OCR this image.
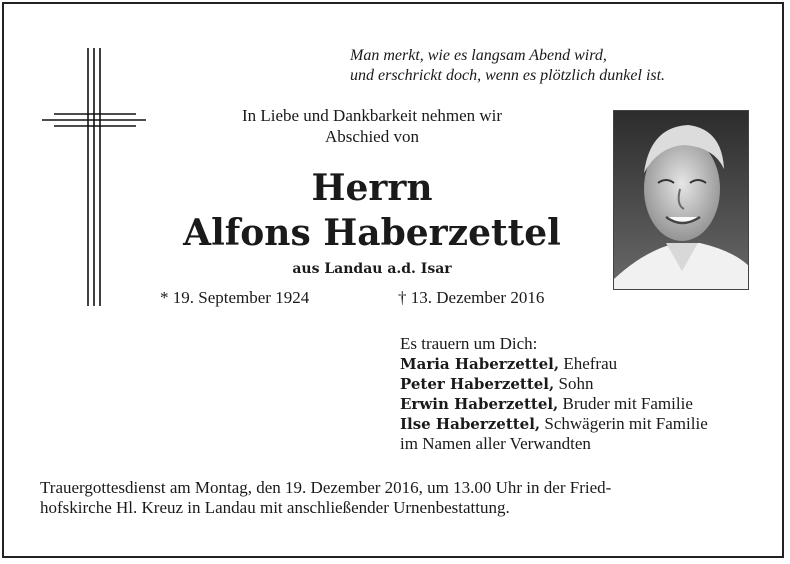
Man merkt, wie es langsam Abend wird,
und erschrickt doch, wenn es plötzlich dunkel ist.
In Liebe und Dankbarkeit nehmen wir
Abschied von
Herrn
Alfons Haberzettel
aus Landau a.d. Isar
* 19. September 1924	† 13. Dezember 2016
Es trauern um Dich:
Maria Haberzettel, Ehefrau
Peter Haberzettel, Sohn
Erwin Haberzettel, Bruder mit Familie
Ilse Haberzettel, Schwägerin mit Familie
im Namen aller Verwandten
Trauergottesdienst am Montag, den 19. Dezember 2016, um 13.00 Uhr in der Fried-
hofskirche Hl. Kreuz in Landau mit anschließender Urnenbestattung.
